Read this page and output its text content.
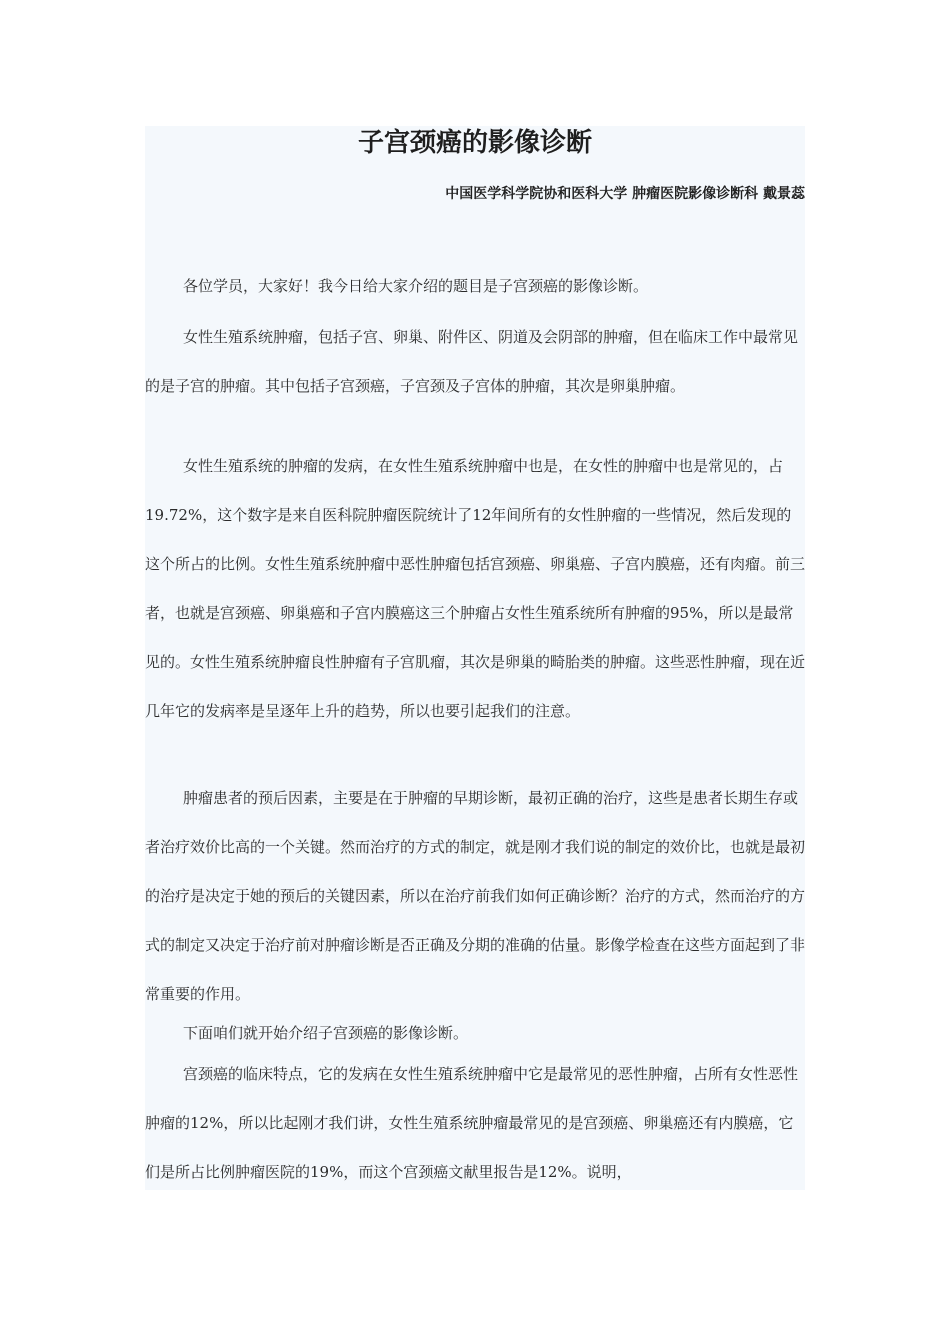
子宫颈癌的影像诊断
中国医学科学院协和医科大学 肿瘤医院影像诊断科 戴景蕊

各位学员，大家好！我今日给大家介绍的题目是子宫颈癌的影像诊断。

女性生殖系统肿瘤，包括子宫、卵巢、附件区、阴道及会阴部的肿瘤，但在临床工作中最常见的是子宫的肿瘤。其中包括子宫颈癌，子宫颈及子宫体的肿瘤，其次是卵巢肿瘤。

女性生殖系统的肿瘤的发病，在女性生殖系统肿瘤中也是，在女性的肿瘤中也是常见的，占19.72%，这个数字是来自医科院肿瘤医院统计了12年间所有的女性肿瘤的一些情况，然后发现的这个所占的比例。女性生殖系统肿瘤中恶性肿瘤包括宫颈癌、卵巢癌、子宫内膜癌，还有肉瘤。前三者，也就是宫颈癌、卵巢癌和子宫内膜癌这三个肿瘤占女性生殖系统所有肿瘤的95%，所以是最常见的。女性生殖系统肿瘤良性肿瘤有子宫肌瘤，其次是卵巢的畸胎类的肿瘤。这些恶性肿瘤，现在近几年它的发病率是呈逐年上升的趋势，所以也要引起我们的注意。

肿瘤患者的预后因素，主要是在于肿瘤的早期诊断，最初正确的治疗，这些是患者长期生存或者治疗效价比高的一个关键。然而治疗的方式的制定，就是刚才我们说的制定的效价比，也就是最初的治疗是决定于她的预后的关键因素，所以在治疗前我们如何正确诊断？治疗的方式，然而治疗的方式的制定又决定于治疗前对肿瘤诊断是否正确及分期的准确的估量。影像学检查在这些方面起到了非常重要的作用。

下面咱们就开始介绍子宫颈癌的影像诊断。

宫颈癌的临床特点，它的发病在女性生殖系统肿瘤中它是最常见的恶性肿瘤，占所有女性恶性肿瘤的12%，所以比起刚才我们讲，女性生殖系统肿瘤最常见的是宫颈癌、卵巢癌还有内膜癌，它们是所占比例肿瘤医院的19%，而这个宫颈癌文献里报告是12%。说明，
